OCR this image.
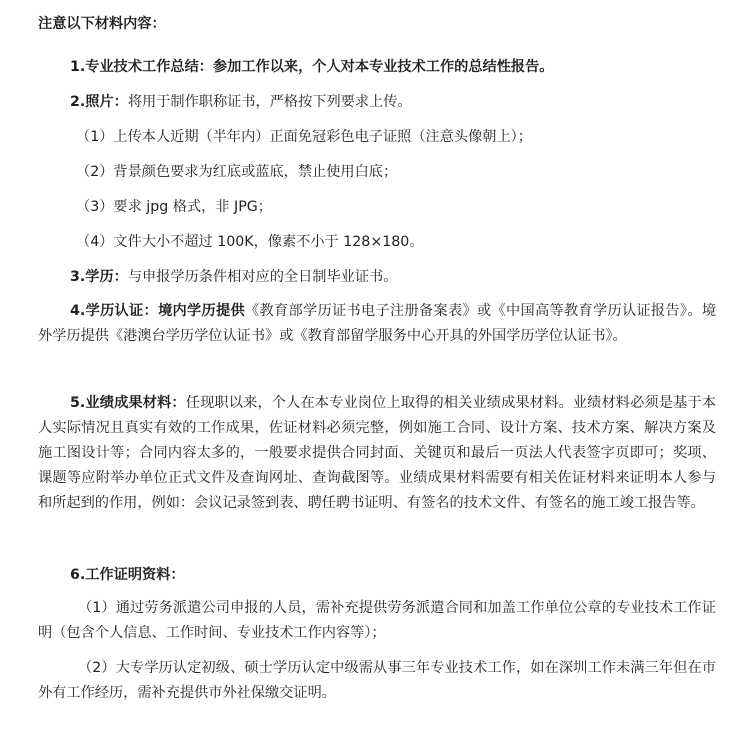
注意以下材料内容：
1.专业技术工作总结：参加工作以来，个人对本专业技术工作的总结性报告。
2.照片：将用于制作职称证书，严格按下列要求上传。
（1）上传本人近期（半年内）正面免冠彩色电子证照（注意头像朝上）；
（2）背景颜色要求为红底或蓝底，禁止使用白底；
（3）要求 jpg 格式，非 JPG；
（4）文件大小不超过 100K，像素不小于 128×180。
3.学历：与申报学历条件相对应的全日制毕业证书。
4.学历认证：境内学历提供《教育部学历证书电子注册备案表》或《中国高等教育学历认证报告》。境外学历提供《港澳台学历学位认证书》或《教育部留学服务中心开具的外国学历学位认证书》。
5.业绩成果材料：任现职以来，个人在本专业岗位上取得的相关业绩成果材料。业绩材料必须是基于本人实际情况且真实有效的工作成果，佐证材料必须完整，例如施工合同、设计方案、技术方案、解决方案及施工图设计等；合同内容太多的，一般要求提供合同封面、关键页和最后一页法人代表签字页即可；奖项、课题等应附举办单位正式文件及查询网址、查询截图等。业绩成果材料需要有相关佐证材料来证明本人参与和所起到的作用，例如：会议记录签到表、聘任聘书证明、有签名的技术文件、有签名的施工竣工报告等。
6.工作证明资料：
（1）通过劳务派遣公司申报的人员，需补充提供劳务派遣合同和加盖工作单位公章的专业技术工作证明（包含个人信息、工作时间、专业技术工作内容等）；
（2）大专学历认定初级、硕士学历认定中级需从事三年专业技术工作，如在深圳工作未满三年但在市外有工作经历，需补充提供市外社保缴交证明。
